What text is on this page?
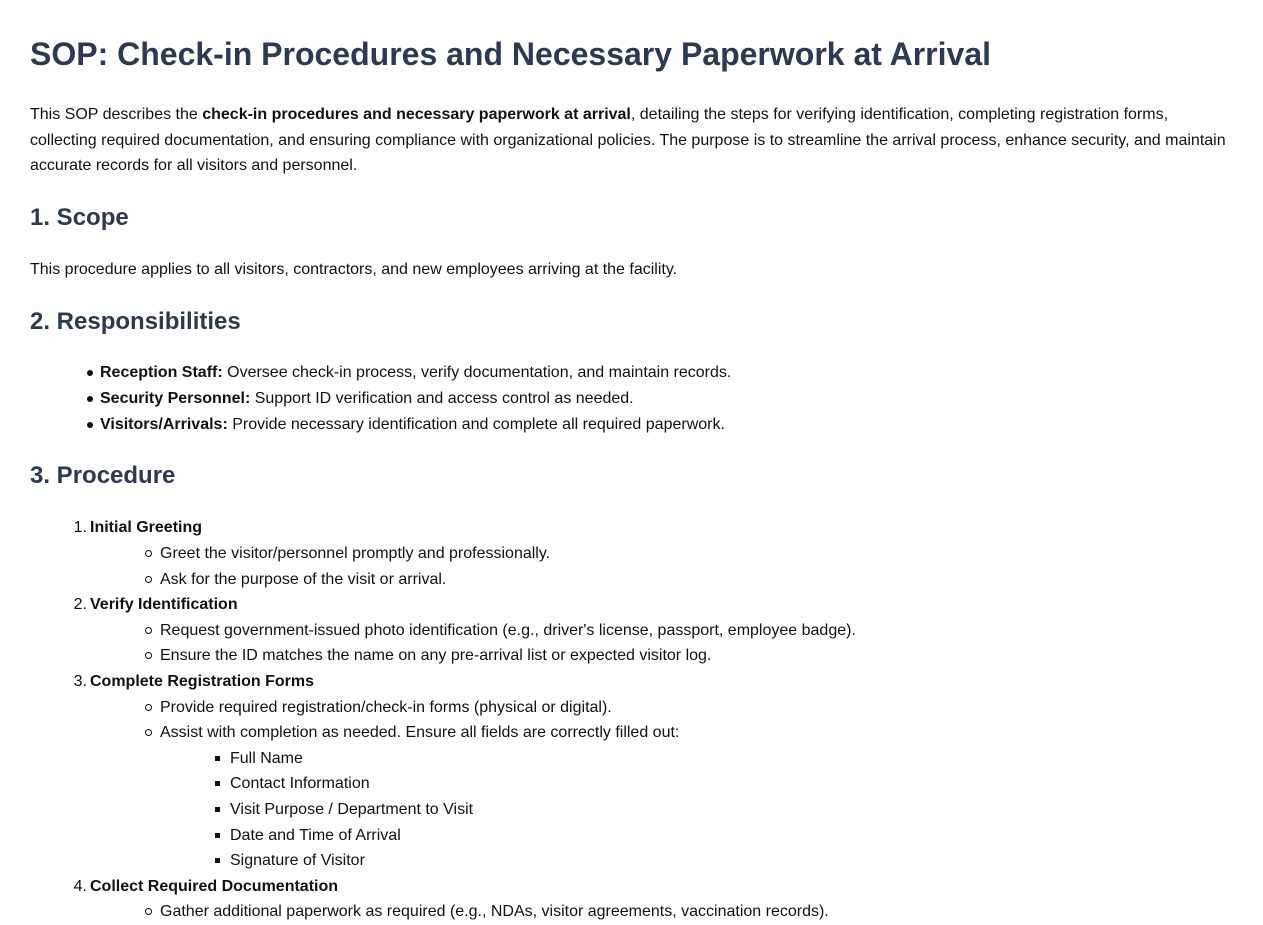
SOP: Check-in Procedures and Necessary Paperwork at Arrival

This SOP describes the check-in procedures and necessary paperwork at arrival, detailing the steps for verifying identification, completing registration forms, collecting required documentation, and ensuring compliance with organizational policies. The purpose is to streamline the arrival process, enhance security, and maintain accurate records for all visitors and personnel.

1. Scope

This procedure applies to all visitors, contractors, and new employees arriving at the facility.

2. Responsibilities
Reception Staff: Oversee check-in process, verify documentation, and maintain records.
Security Personnel: Support ID verification and access control as needed.
Visitors/Arrivals: Provide necessary identification and complete all required paperwork.
3. Procedure
1. Initial Greeting
Greet the visitor/personnel promptly and professionally.
Ask for the purpose of the visit or arrival.
2. Verify Identification
Request government-issued photo identification (e.g., driver's license, passport, employee badge).
Ensure the ID matches the name on any pre-arrival list or expected visitor log.
3. Complete Registration Forms
Provide required registration/check-in forms (physical or digital).
Assist with completion as needed. Ensure all fields are correctly filled out:
Full Name
Contact Information
Visit Purpose / Department to Visit
Date and Time of Arrival
Signature of Visitor
4. Collect Required Documentation
Gather additional paperwork as required (e.g., NDAs, visitor agreements, vaccination records).
